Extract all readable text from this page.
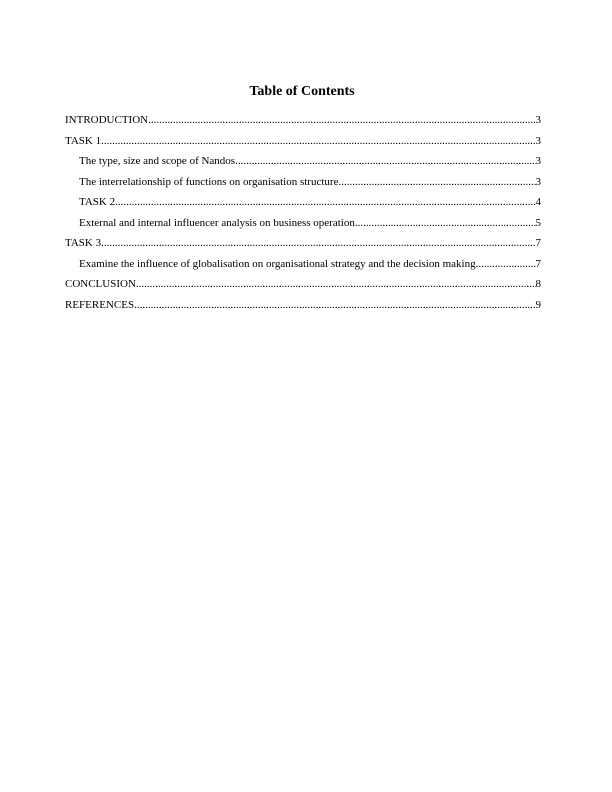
Table of Contents
INTRODUCTION .....	3
TASK 1 .....	3
The type, size and scope of Nandos .....	3
The interrelationship of functions on organisation structure .....	3
TASK 2 .....	4
External and internal influencer analysis on business operation .....	5
TASK 3 .....	7
Examine the influence of globalisation on organisational strategy and the decision making .....	7
CONCLUSION .....	8
REFERENCES .....	9
